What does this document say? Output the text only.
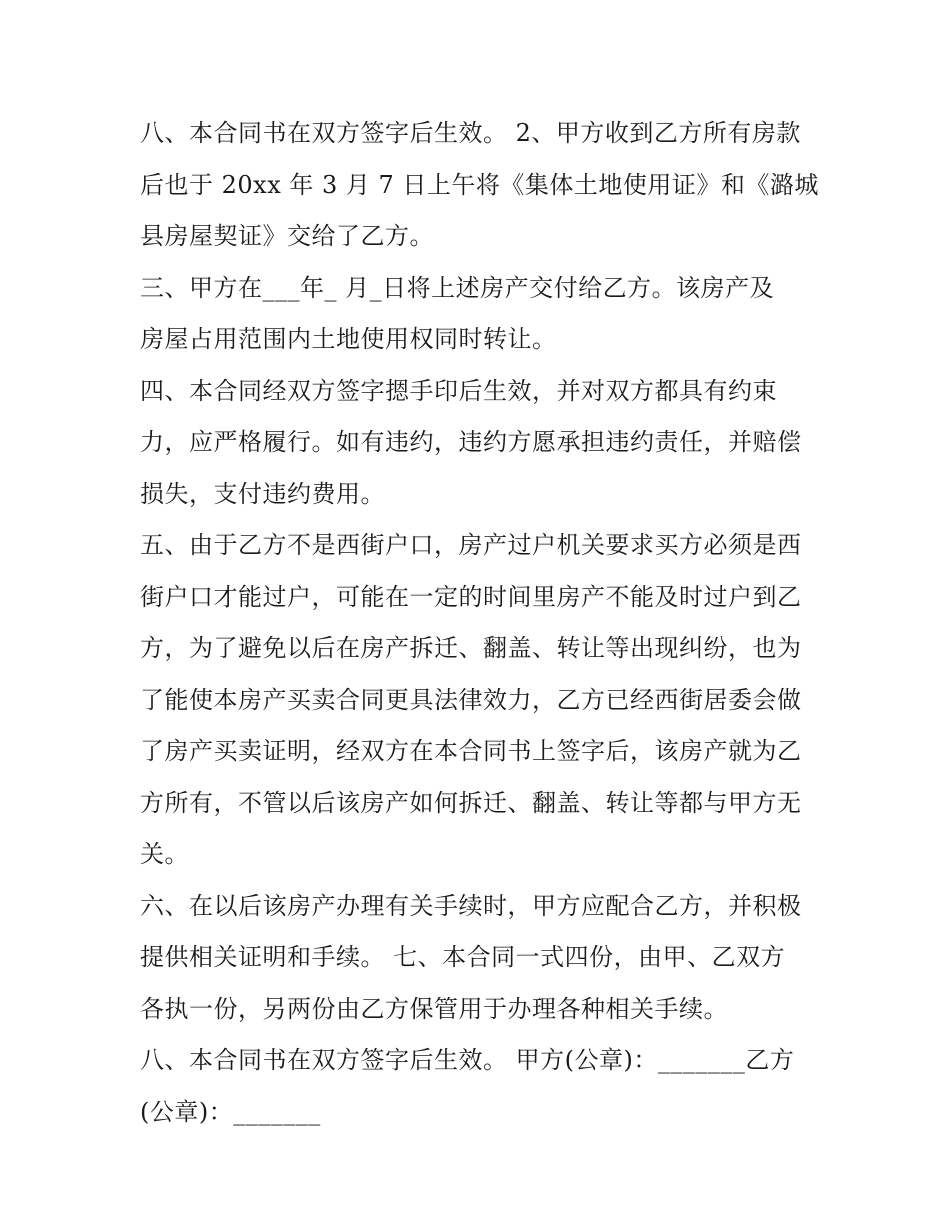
八、本合同书在双方签字后生效。 2、甲方收到乙方所有房款
后也于 20xx 年 3 月 7 日上午将《集体土地使用证》和《潞城
县房屋契证》交给了乙方。
三、甲方在___年_ 月_日将上述房产交付给乙方。该房产及
房屋占用范围内土地使用权同时转让。
四、本合同经双方签字摁手印后生效，并对双方都具有约束
力，应严格履行。如有违约，违约方愿承担违约责任，并赔偿
损失，支付违约费用。
五、由于乙方不是西街户口，房产过户机关要求买方必须是西
街户口才能过户，可能在一定的时间里房产不能及时过户到乙
方，为了避免以后在房产拆迁、翻盖、转让等出现纠纷，也为
了能使本房产买卖合同更具法律效力，乙方已经西街居委会做
了房产买卖证明，经双方在本合同书上签字后，该房产就为乙
方所有，不管以后该房产如何拆迁、翻盖、转让等都与甲方无
关。
六、在以后该房产办理有关手续时，甲方应配合乙方，并积极
提供相关证明和手续。 七、本合同一式四份，由甲、乙双方
各执一份，另两份由乙方保管用于办理各种相关手续。
八、本合同书在双方签字后生效。 甲方(公章)：_______乙方
(公章)：_______
